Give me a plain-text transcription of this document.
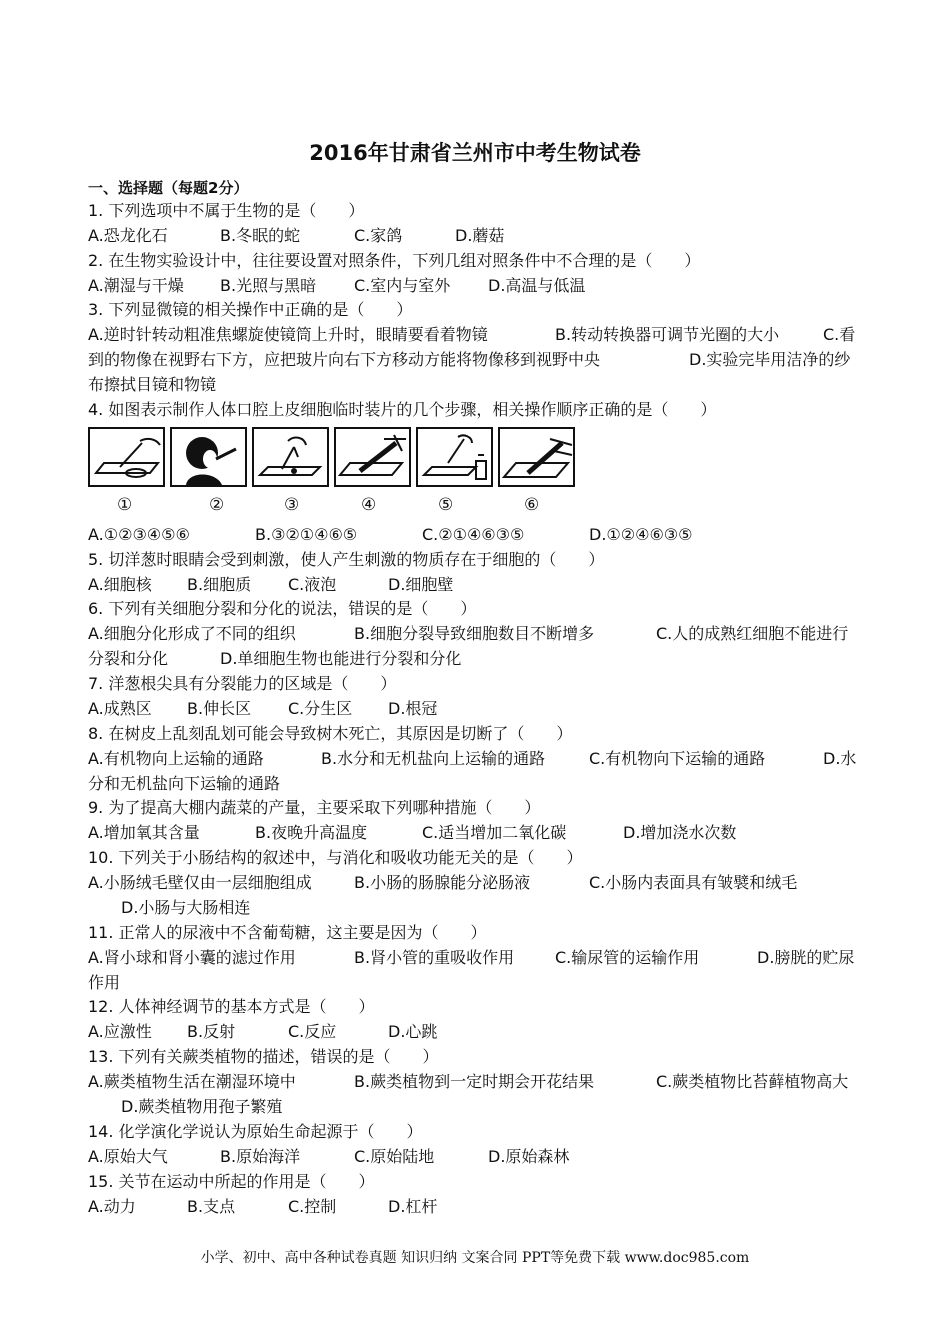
2016年甘肃省兰州市中考生物试卷
一、选择题（每题2分）
1. 下列选项中不属于生物的是（　　）
A.恐龙化石	B.冬眠的蛇	C.家鸽	D.蘑菇
2. 在生物实验设计中，往往要设置对照条件，下列几组对照条件中不合理的是（　　）
A.潮湿与干燥 B.光照与黑暗 C.室内与室外 D.高温与低温
3. 下列显微镜的相关操作中正确的是（　　）
A.逆时针转动粗准焦螺旋使镜筒上升时，眼睛要看着物镜	B.转动转换器可调节光圈的大小	C.看
到的物像在视野右下方，应把玻片向右下方移动方能将物像移到视野中央	D.实验完毕用洁净的纱
布擦拭目镜和物镜
4. 如图表示制作人体口腔上皮细胞临时装片的几个步骤，相关操作顺序正确的是（　　）
①	②	③	④	⑤	⑥
A.①②③④⑤⑥	B.③②①④⑥⑤	C.②①④⑥③⑤	D.①②④⑥③⑤
5. 切洋葱时眼睛会受到刺激，使人产生刺激的物质存在于细胞的（　　）
A.细胞核 B.细胞质 C.液泡	D.细胞壁
6. 下列有关细胞分裂和分化的说法，错误的是（　　）
A.细胞分化形成了不同的组织	B.细胞分裂导致细胞数目不断增多	C.人的成熟红细胞不能进行
分裂和分化	D.单细胞生物也能进行分裂和分化
7. 洋葱根尖具有分裂能力的区域是（　　）
A.成熟区 B.伸长区 C.分生区 D.根冠
8. 在树皮上乱刻乱划可能会导致树木死亡，其原因是切断了（　　）
A.有机物向上运输的通路	B.水分和无机盐向上运输的通路	C.有机物向下运输的通路	D.水
分和无机盐向下运输的通路
9. 为了提高大棚内蔬菜的产量，主要采取下列哪种措施（　　）
A.增加氧其含量	B.夜晚升高温度	C.适当增加二氧化碳	D.增加浇水次数
10. 下列关于小肠结构的叙述中，与消化和吸收功能无关的是（　　）
A.小肠绒毛壁仅由一层细胞组成	B.小肠的肠腺能分泌肠液	C.小肠内表面具有皱襞和绒毛
D.小肠与大肠相连
11. 正常人的尿液中不含葡萄糖，这主要是因为（　　）
A.肾小球和肾小囊的滤过作用	B.肾小管的重吸收作用	C.输尿管的运输作用	D.膀胱的贮尿
作用
12. 人体神经调节的基本方式是（　　）
A.应激性 B.反射	C.反应	D.心跳
13. 下列有关蕨类植物的描述，错误的是（　　）
A.蕨类植物生活在潮湿环境中	B.蕨类植物到一定时期会开花结果	C.蕨类植物比苔藓植物高大
D.蕨类植物用孢子繁殖
14. 化学演化学说认为原始生命起源于（　　）
A.原始大气	B.原始海洋	C.原始陆地	D.原始森林
15. 关节在运动中所起的作用是（　　）
A.动力	B.支点	C.控制	D.杠杆
小学、初中、高中各种试卷真题 知识归纳 文案合同 PPT等免费下载 www.doc985.com
